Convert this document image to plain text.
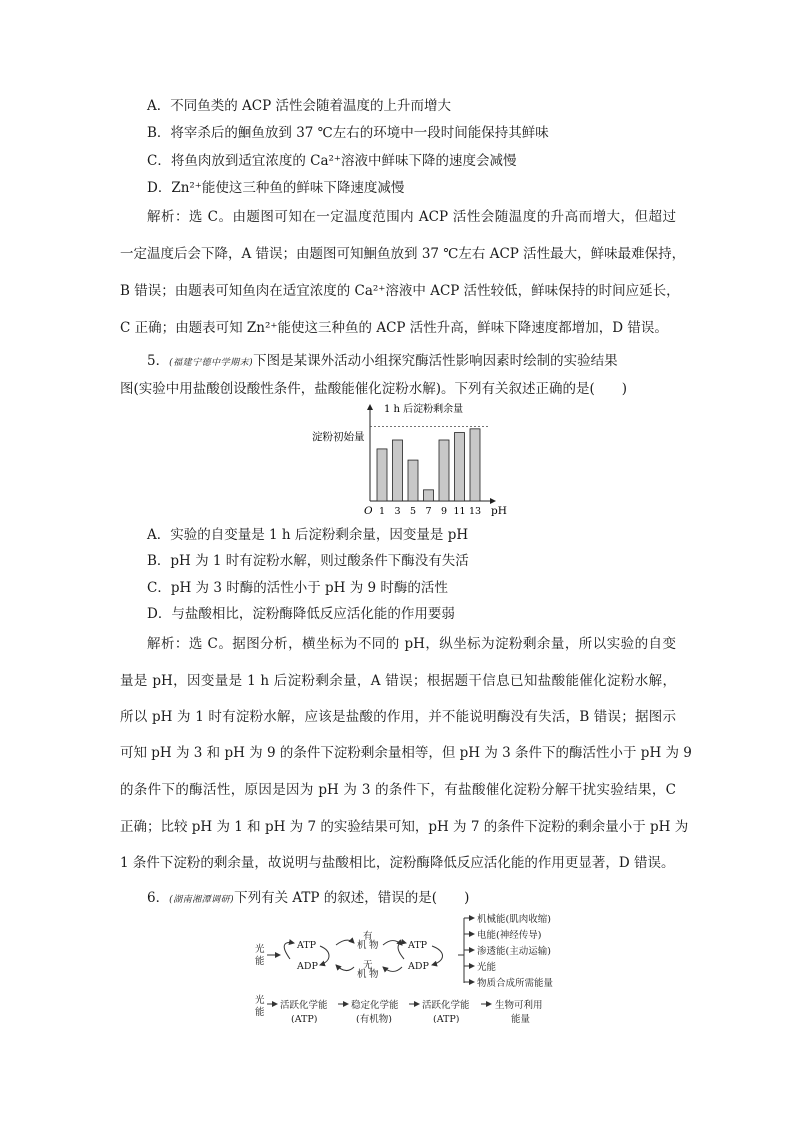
A．不同鱼类的 ACP 活性会随着温度的上升而增大
B．将宰杀后的鮰鱼放到 37 ℃左右的环境中一段时间能保持其鲜味
C．将鱼肉放到适宜浓度的 Ca²⁺溶液中鲜味下降的速度会减慢
D．Zn²⁺能使这三种鱼的鲜味下降速度减慢
解析：选 C。由题图可知在一定温度范围内 ACP 活性会随温度的升高而增大，但超过
一定温度后会下降，A 错误；由题图可知鮰鱼放到 37 ℃左右 ACP 活性最大，鲜味最难保持，
B 错误；由题表可知鱼肉在适宜浓度的 Ca²⁺溶液中 ACP 活性较低，鲜味保持的时间应延长，
C 正确；由题表可知 Zn²⁺能使这三种鱼的 ACP 活性升高，鲜味下降速度都增加，D 错误。
5．(福建宁德中学期末)下图是某课外活动小组探究酶活性影响因素时绘制的实验结果
图(实验中用盐酸创设酸性条件，盐酸能催化淀粉水解)。下列有关叙述正确的是(　　)
1 h 后淀粉剩余量
淀粉初始量
O	pH
1 3 5 7 9 11 13
A．实验的自变量是 1 h 后淀粉剩余量，因变量是 pH
B．pH 为 1 时有淀粉水解，则过酸条件下酶没有失活
C．pH 为 3 时酶的活性小于 pH 为 9 时酶的活性
D．与盐酸相比，淀粉酶降低反应活化能的作用要弱
解析：选 C。据图分析，横坐标为不同的 pH，纵坐标为淀粉剩余量，所以实验的自变
量是 pH，因变量是 1 h 后淀粉剩余量，A 错误；根据题干信息已知盐酸能催化淀粉水解，
所以 pH 为 1 时有淀粉水解，应该是盐酸的作用，并不能说明酶没有失活，B 错误；据图示
可知 pH 为 3 和 pH 为 9 的条件下淀粉剩余量相等，但 pH 为 3 条件下的酶活性小于 pH 为 9
的条件下的酶活性，原因是因为 pH 为 3 的条件下，有盐酸催化淀粉分解干扰实验结果，C
正确；比较 pH 为 1 和 pH 为 7 的实验结果可知，pH 为 7 的条件下淀粉的剩余量小于 pH 为
1 条件下淀粉的剩余量，故说明与盐酸相比，淀粉酶降低反应活化能的作用更显著，D 错误。
6．(湖南湘潭调研)下列有关 ATP 的叙述，错误的是(　　)
光
能
ATP
ADP
有
机 物
无
机 物
ATP
ADP
机械能(肌肉收缩)
电能(神经传导)
渗透能(主动运输)
光能
物质合成所需能量
光
能
活跃化学能 稳定化学能 活跃化学能	生物可利用
(ATP)	(有机物)	(ATP)	能量
